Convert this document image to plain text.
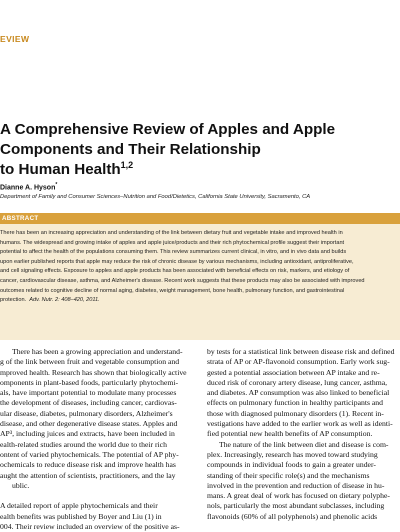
EVIEW
A Comprehensive Review of Apples and Apple
Components and Their Relationship
to Human Health$^{1,2}$
Dianne A. Hyson*
Department of Family and Consumer Sciences–Nutrition and Food/Dietetics, California State University, Sacramento, CA
ABSTRACT
There has been an increasing appreciation and understanding of the link between dietary fruit and vegetable intake and improved health in
humans. The widespread and growing intake of apples and apple juice/products and their rich phytochemical profile suggest their important
potential to affect the health of the populations consuming them. This review summarizes current clinical, in vitro, and in vivo data and builds
upon earlier published reports that apple may reduce the risk of chronic disease by various mechanisms, including antioxidant, antiproliferative,
and cell signaling effects. Exposure to apples and apple products has been associated with beneficial effects on risk, markers, and etiology of
cancer, cardiovascular disease, asthma, and Alzheimer's disease. Recent work suggests that these products may also be associated with improved
outcomes related to cognitive decline of normal aging, diabetes, weight management, bone health, pulmonary function, and gastrointestinal
protection. Adv. Nutr. 2: 408–420, 2011.
There has been a growing appreciation and understand-
g of the link between fruit and vegetable consumption and
mproved health. Research has shown that biologically active
omponents in plant-based foods, particularly phytochemi-
als, have important potential to modulate many processes
the development of diseases, including cancer, cardiovas-
ular disease, diabetes, pulmonary disorders, Alzheimer's
disease, and other degenerative disease states. Apples and
AP³, including juices and extracts, have been included in
ealth-related studies around the world due to their rich
ontent of varied phytochemicals. The potential of AP phy-
ochemicals to reduce disease risk and improve health has
aught the attention of scientists, practitioners, and the lay
ublic.
A detailed report of apple phytochemicals and their
ealth benefits was published by Boyer and Liu (1) in
004. Their review included an overview of the positive as-
by tests for a statistical link between disease risk and defined
strata of AP or AP-flavonoid consumption. Early work sug-
gested a potential association between AP intake and re-
duced risk of coronary artery disease, lung cancer, asthma,
and diabetes. AP consumption was also linked to beneficial
effects on pulmonary function in healthy participants and
those with diagnosed pulmonary disorders (1). Recent in-
vestigations have added to the earlier work as well as identi-
fied potential new health benefits of AP consumption.
The nature of the link between diet and disease is com-
plex. Increasingly, research has moved toward studying
compounds in individual foods to gain a greater under-
standing of their specific role(s) and the mechanisms
involved in the prevention and reduction of disease in hu-
mans. A great deal of work has focused on dietary polyphe-
nols, particularly the most abundant subclasses, including
flavonoids (60% of all polyphenols) and phenolic acids
